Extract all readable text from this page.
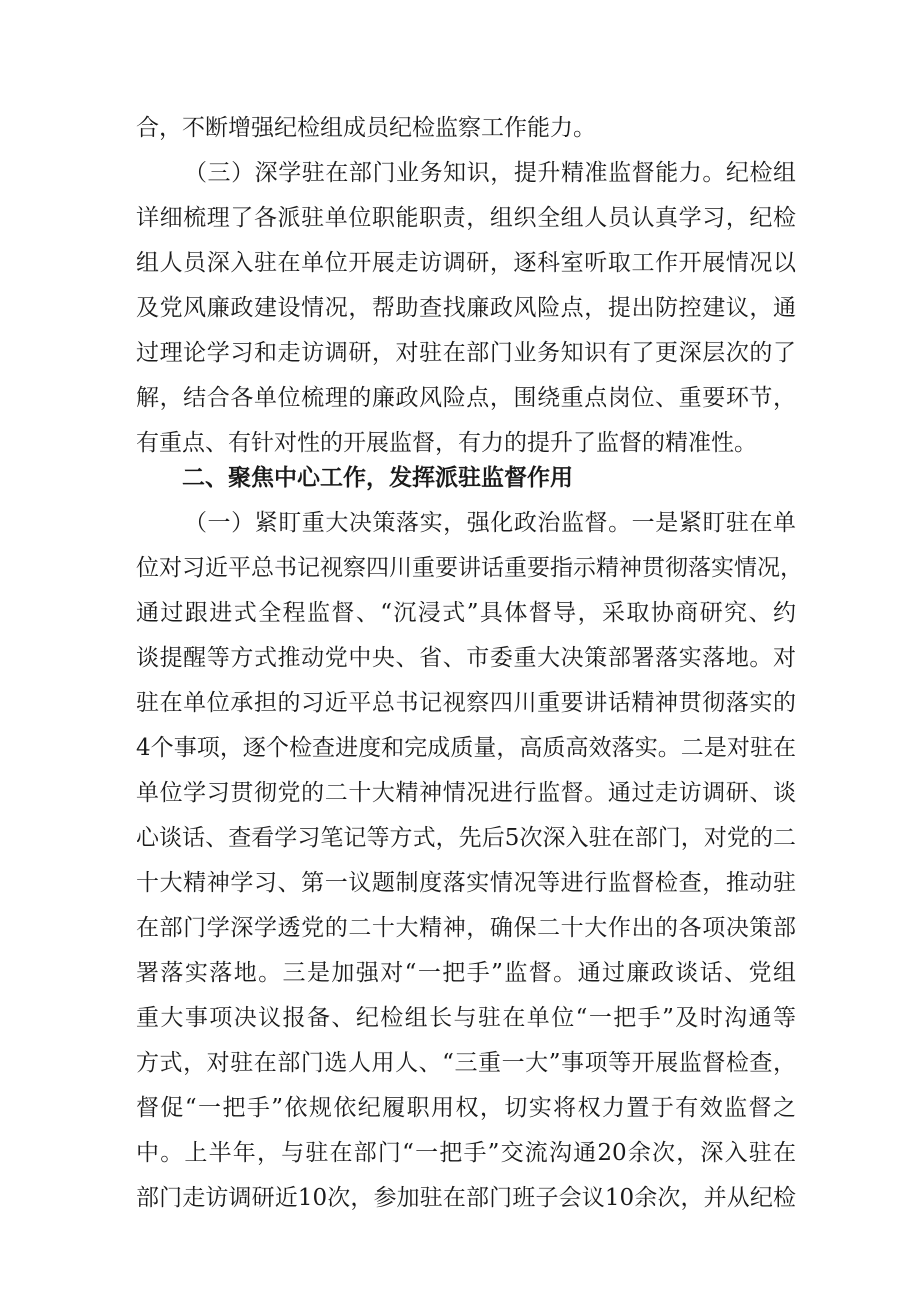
合，不断增强纪检组成员纪检监察工作能力。

（三）深学驻在部门业务知识，提升精准监督能力。纪检组

详细梳理了各派驻单位职能职责，组织全组人员认真学习，纪检

组人员深入驻在单位开展走访调研，逐科室听取工作开展情况以

及党风廉政建设情况，帮助查找廉政风险点，提出防控建议，通

过理论学习和走访调研，对驻在部门业务知识有了更深层次的了

解，结合各单位梳理的廉政风险点，围绕重点岗位、重要环节，

有重点、有针对性的开展监督，有力的提升了监督的精准性。

二、聚焦中心工作，发挥派驻监督作用

（一）紧盯重大决策落实，强化政治监督。一是紧盯驻在单

位对习近平总书记视察四川重要讲话重要指示精神贯彻落实情况，

通过跟进式全程监督、“沉浸式”具体督导，采取协商研究、约

谈提醒等方式推动党中央、省、市委重大决策部署落实落地。对

驻在单位承担的习近平总书记视察四川重要讲话精神贯彻落实的

4个事项，逐个检查进度和完成质量，高质高效落实。二是对驻在

单位学习贯彻党的二十大精神情况进行监督。通过走访调研、谈

心谈话、查看学习笔记等方式，先后5次深入驻在部门，对党的二

十大精神学习、第一议题制度落实情况等进行监督检查，推动驻

在部门学深学透党的二十大精神，确保二十大作出的各项决策部

署落实落地。三是加强对“一把手”监督。通过廉政谈话、党组

重大事项决议报备、纪检组长与驻在单位“一把手”及时沟通等

方式，对驻在部门选人用人、“三重一大”事项等开展监督检查，

督促“一把手”依规依纪履职用权，切实将权力置于有效监督之

中。上半年，与驻在部门“一把手”交流沟通20余次，深入驻在

部门走访调研近10次，参加驻在部门班子会议10余次，并从纪检
